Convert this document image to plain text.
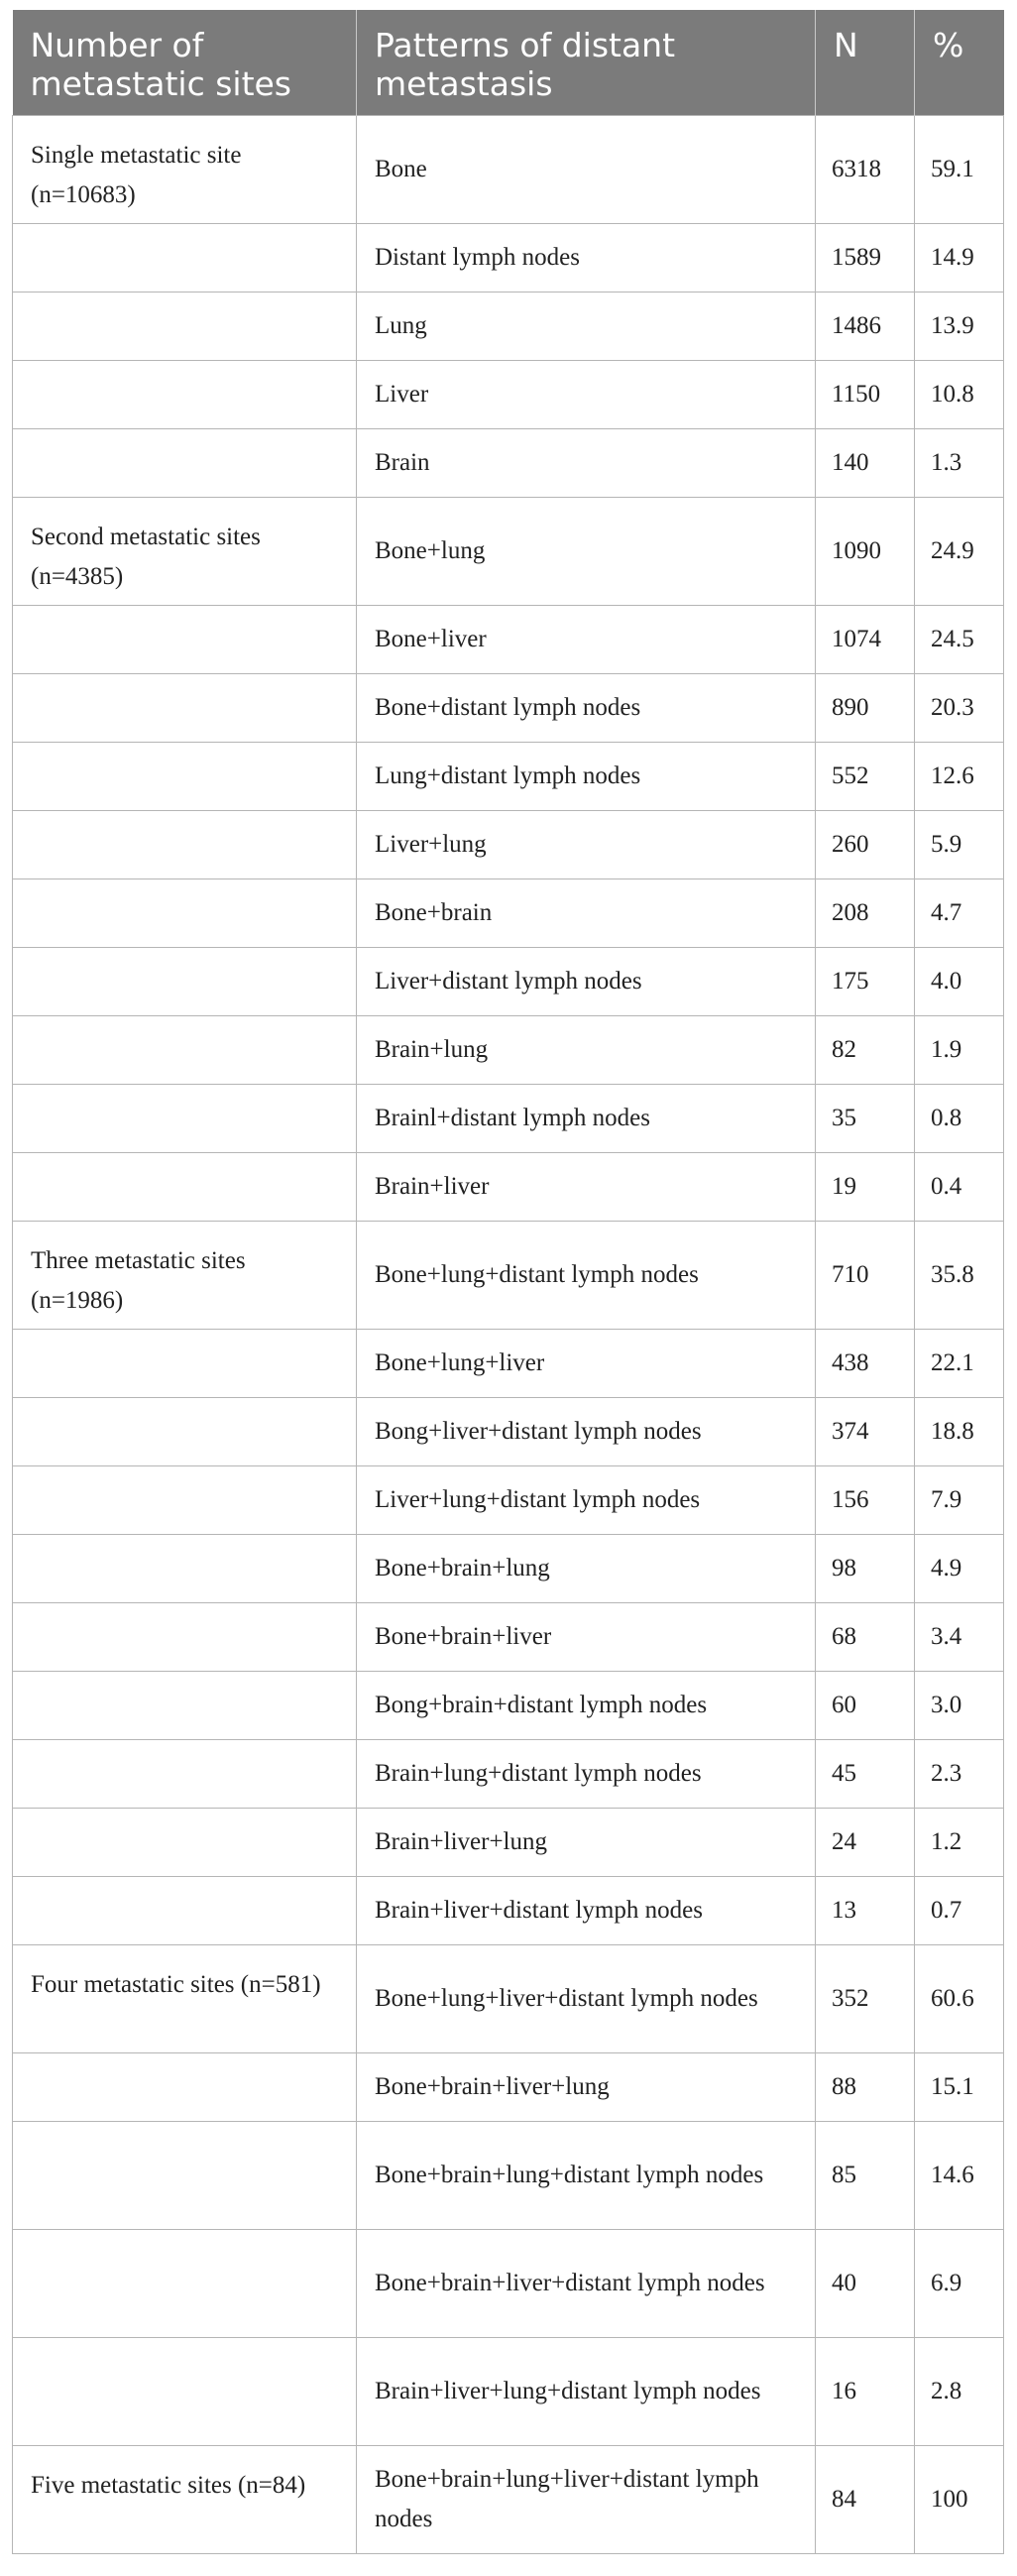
Number of metastatic sites	Patterns of distant metastasis	N	%
Single metastatic site (n=10683)	Bone	6318	59.1
	Distant lymph nodes	1589	14.9
	Lung	1486	13.9
	Liver	1150	10.8
	Brain	140	1.3
Second metastatic sites (n=4385)	Bone+lung	1090	24.9
	Bone+liver	1074	24.5
	Bone+distant lymph nodes	890	20.3
	Lung+distant lymph nodes	552	12.6
	Liver+lung	260	5.9
	Bone+brain	208	4.7
	Liver+distant lymph nodes	175	4.0
	Brain+lung	82	1.9
	Brainl+distant lymph nodes	35	0.8
	Brain+liver	19	0.4
Three metastatic sites (n=1986)	Bone+lung+distant lymph nodes	710	35.8
	Bone+lung+liver	438	22.1
	Bong+liver+distant lymph nodes	374	18.8
	Liver+lung+distant lymph nodes	156	7.9
	Bone+brain+lung	98	4.9
	Bone+brain+liver	68	3.4
	Bong+brain+distant lymph nodes	60	3.0
	Brain+lung+distant lymph nodes	45	2.3
	Brain+liver+lung	24	1.2
	Brain+liver+distant lymph nodes	13	0.7
Four metastatic sites (n=581)	Bone+lung+liver+distant lymph nodes	352	60.6
	Bone+brain+liver+lung	88	15.1
	Bone+brain+lung+distant lymph nodes	85	14.6
	Bone+brain+liver+distant lymph nodes	40	6.9
	Brain+liver+lung+distant lymph nodes	16	2.8
Five metastatic sites (n=84)	Bone+brain+lung+liver+distant lymph nodes	84	100
